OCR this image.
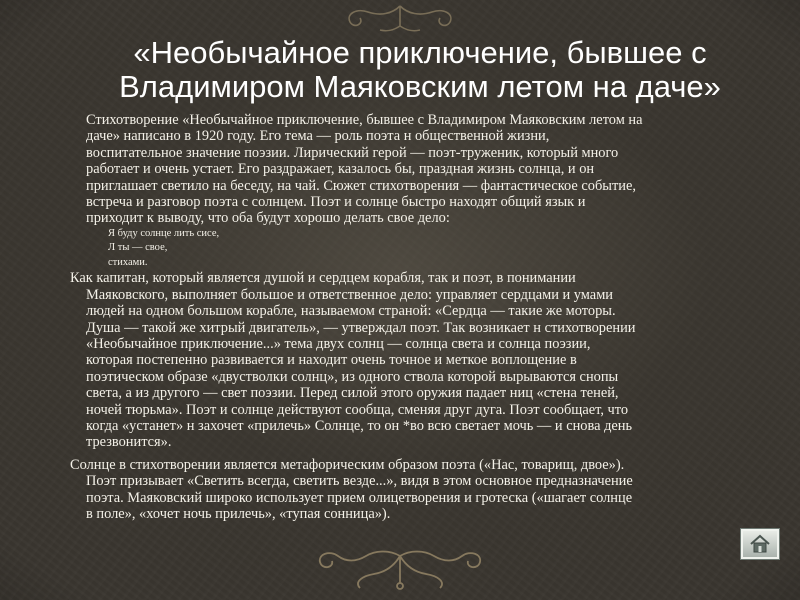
«Необычайное приключение, бывшее с
Владимиром Маяковским летом на даче»

Стихотворение «Необычайное приключение, бывшее с Владимиром Маяковским летом на
даче» написано в 1920 году. Его тема — роль поэта н общественной жизни,
воспитательное значение поэзии. Лирический герой — поэт-труженик, который много
работает и очень устает. Его раздражает, казалось бы, праздная жизнь солнца, и он
приглашает светило на беседу, на чай. Сюжет стихотворения — фантастическое событие,
встреча и разговор поэта с солнцем. Поэт и солнце быстро находят общий язык и
приходит к выводу, что оба будут хорошо делать свое дело:

Я буду солнце лить сисе,
Л ты — свое,
стихами.

Как капитан, который является душой и сердцем корабля, так и поэт, в понимании
Маяковского, выполняет большое и ответственное дело: управляет сердцами и умами
людей на одном большом корабле, называемом страной: «Сердца — такие же моторы.
Душа — такой же хитрый двигатель», — утверждал поэт. Так возникает н стихотворении
«Необычайное приключение...» тема двух солнц — солнца света и солнца поэзии,
которая постепенно развивается и находит очень точное и меткое воплощение в
поэтическом образе «двустволки солнц», из одного ствола которой вырываются снопы
света, а из другого — свет поэзии. Перед силой этого оружия падает ниц «стена теней,
ночей тюрьма». Поэт и солнце действуют сообща, сменяя друг дуга. Поэт сообщает, что
когда «устанет» н захочет «прилечь» Солнце, то он *во всю светает мочь — и снова день
трезвонится».

Солнце в стихотворении является метафорическим образом поэта («Нас, товарищ, двое»).
Поэт призывает «Светить всегда, светить везде...», видя в этом основное предназначение
поэта. Маяковский широко использует прием олицетворения и гротеска («шагает солнце
в поле», «хочет ночь прилечь», «тупая сонница»).
